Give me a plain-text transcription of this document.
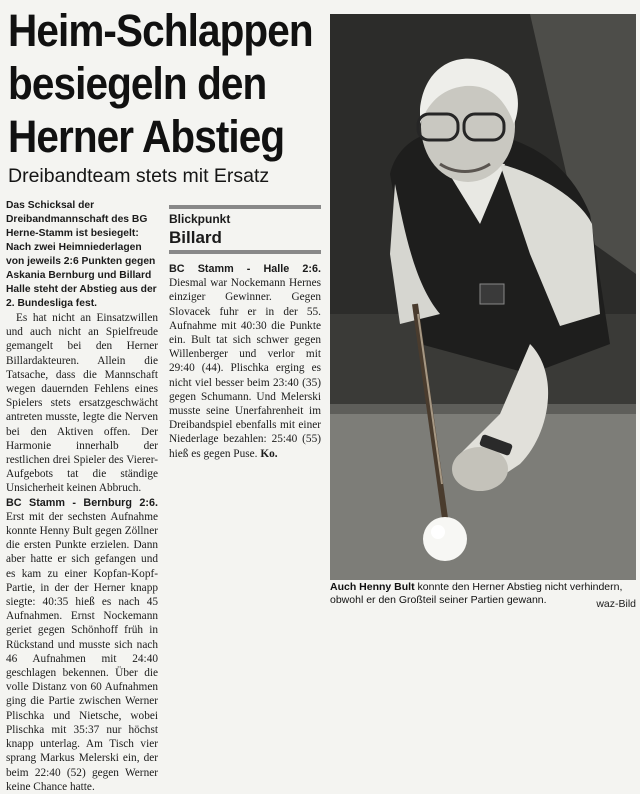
Heim-Schlappen
besiegeln den
Herner Abstieg
Dreibandteam stets mit Ersatz

Das Schicksal der Dreibandmannschaft des BG Herne-Stamm ist besiegelt: Nach zwei Heimniederlagen von jeweils 2:6 Punkten gegen Askania Bernburg und Billard Halle steht der Abstieg aus der 2. Bundesliga fest.

Es hat nicht an Einsatzwillen und auch nicht an Spielfreude gemangelt bei den Herner Billardakteuren. Allein die Tatsache, dass die Mannschaft wegen dauernden Fehlens eines Spielers stets ersatzgeschwächt antreten musste, legte die Nerven bei den Aktiven offen. Der Harmonie innerhalb der restlichen drei Spieler des Vierer-Aufgebots tat die ständige Unsicherheit keinen Abbruch.

BC Stamm - Bernburg 2:6. Erst mit der sechsten Aufnahme konnte Henny Bult gegen Zöllner die ersten Punkte erzielen. Dann aber hatte er sich gefangen und es kam zu einer Kopfan-Kopf-Partie, in der der Herner knapp siegte: 40:35 hieß es nach 45 Aufnahmen. Ernst Nockemann geriet gegen Schönhoff früh in Rückstand und musste sich nach 46 Aufnahmen mit 24:40 geschlagen bekennen. Über die volle Distanz von 60 Aufnahmen ging die Partie zwischen Werner Plischka und Nietsche, wobei Plischka mit 35:37 nur höchst knapp unterlag. Am Tisch vier sprang Markus Melerski ein, der beim 22:40 (52) gegen Werner keine Chance hatte.

Blickpunkt
Billard

BC Stamm - Halle 2:6. Diesmal war Nockemann Hernes einziger Gewinner. Gegen Slovacek fuhr er in der 55. Aufnahme mit 40:30 die Punkte ein. Bult tat sich schwer gegen Willenberger und verlor mit 29:40 (44). Plischka erging es nicht viel besser beim 23:40 (35) gegen Schumann. Und Melerski musste seine Unerfahrenheit im Dreibandspiel ebenfalls mit einer Niederlage bezahlen: 25:40 (55) hieß es gegen Puse. Ko.

Auch Henny Bult konnte den Herner Abstieg nicht verhindern, obwohl er den Großteil seiner Partien gewann.	waz-Bild
